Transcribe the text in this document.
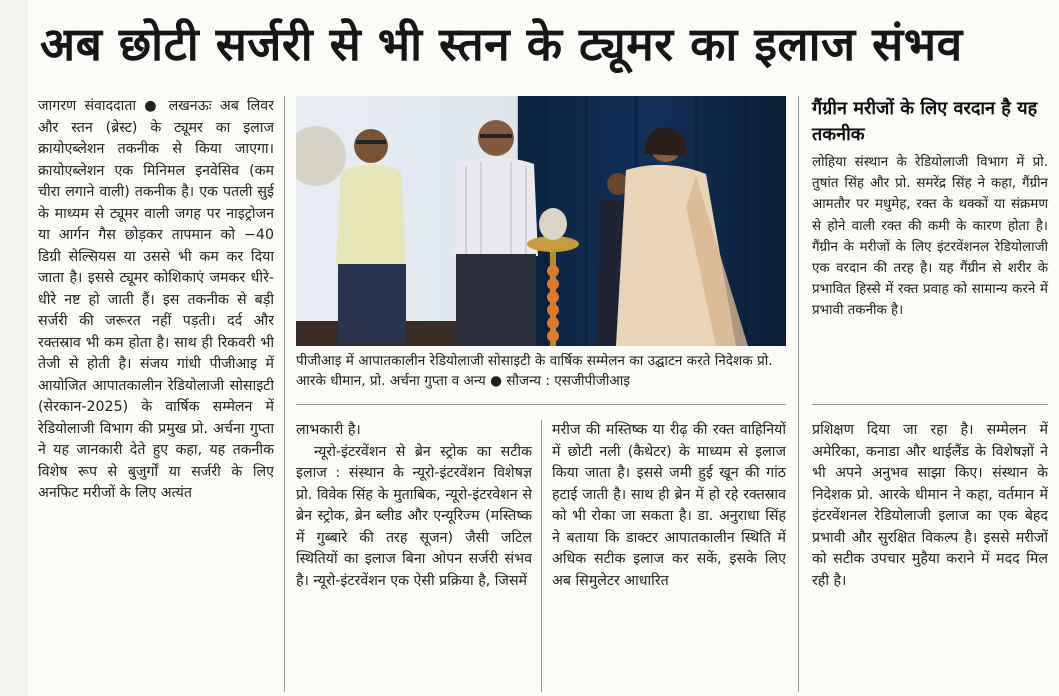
अब छोटी सर्जरी से भी स्तन के ट्यूमर का इलाज संभव

जागरण संवाददाता ● लखनऊः अब लिवर और स्तन (ब्रेस्ट) के ट्यूमर का इलाज क्रायोएब्लेशन तकनीक से किया जाएगा। क्रायोएब्लेशन एक मिनिमल इनवेसिव (कम चीरा लगाने वाली) तकनीक है। एक पतली सुई के माध्यम से ट्यूमर वाली जगह पर नाइट्रोजन या आर्गन गैस छोड़कर तापमान को −40 डिग्री सेल्सियस या उससे भी कम कर दिया जाता है। इससे ट्यूमर कोशिकाएं जमकर धीरे-धीरे नष्ट हो जाती हैं। इस तकनीक से बड़ी सर्जरी की जरूरत नहीं पड़ती। दर्द और रक्तस्राव भी कम होता है। साथ ही रिकवरी भी तेजी से होती है। संजय गांधी पीजीआइ में आयोजित आपातकालीन रेडियोलाजी सोसाइटी (सेरकान-2025) के वार्षिक सम्मेलन में रेडियोलाजी विभाग की प्रमुख प्रो. अर्चना गुप्ता ने यह जानकारी देते हुए कहा, यह तकनीक विशेष रूप से बुजुर्गों या सर्जरी के लिए अनफिट मरीजों के लिए अत्यंत

पीजीआइ में आपातकालीन रेडियोलाजी सोसाइटी के वार्षिक सम्मेलन का उद्घाटन करते निदेशक प्रो. आरके धीमान, प्रो. अर्चना गुप्ता व अन्य ● सौजन्य : एसजीपीजीआइ

लाभकारी है।

न्यूरो-इंटरवेंशन से ब्रेन स्ट्रोक का सटीक इलाज : संस्थान के न्यूरो-इंटरवेंशन विशेषज्ञ प्रो. विवेक सिंह के मुताबिक, न्यूरो-इंटरवेशन से ब्रेन स्ट्रोक, ब्रेन ब्लीड और एन्यूरिज्म (मस्तिष्क में गुब्बारे की तरह सूजन) जैसी जटिल स्थितियों का इलाज बिना ओपन सर्जरी संभव है। न्यूरो-इंटरवेंशन एक ऐसी प्रक्रिया है, जिसमें

मरीज की मस्तिष्क या रीढ़ की रक्त वाहिनियों में छोटी नली (कैथेटर) के माध्यम से इलाज किया जाता है। इससे जमी हुई खून की गांठ हटाई जाती है। साथ ही ब्रेन में हो रहे रक्तस्राव को भी रोका जा सकता है। डा. अनुराधा सिंह ने बताया कि डाक्टर आपातकालीन स्थिति में अधिक सटीक इलाज कर सकें, इसके लिए अब सिमुलेटर आधारित

गैंग्रीन मरीजों के लिए वरदान है यह तकनीक
लोहिया संस्थान के रेडियोलाजी विभाग में प्रो. तुषांत सिंह और प्रो. समरेंद्र सिंह ने कहा, गैंग्रीन आमतौर पर मधुमेह, रक्त के थक्कों या संक्रमण से होने वाली रक्त की कमी के कारण होता है। गैंग्रीन के मरीजों के लिए इंटरवेंशनल रेडियोलाजी एक वरदान की तरह है। यह गैंग्रीन से शरीर के प्रभावित हिस्से में रक्त प्रवाह को सामान्य करने में प्रभावी तकनीक है।

प्रशिक्षण दिया जा रहा है। सम्मेलन में अमेरिका, कनाडा और थाईलैंड के विशेषज्ञों ने भी अपने अनुभव साझा किए। संस्थान के निदेशक प्रो. आरके धीमान ने कहा, वर्तमान में इंटरवेंशनल रेडियोलाजी इलाज का एक बेहद प्रभावी और सुरक्षित विकल्प है। इससे मरीजों को सटीक उपचार मुहैया कराने में मदद मिल रही है।
